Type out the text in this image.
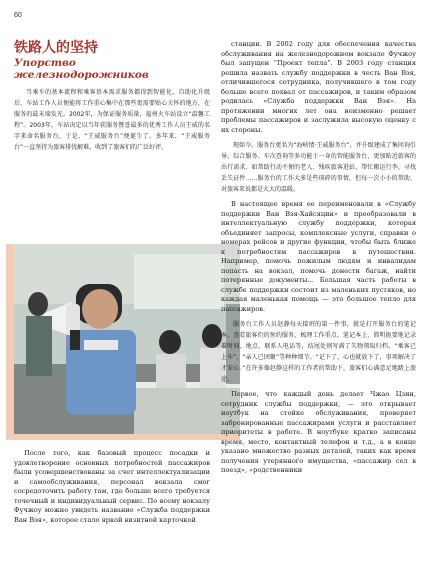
60
铁路人的坚持
Упорство железнодорожников

当乘车的基本流程和乘客基本需求服务都得到智能化、自助化升级后，车站工作人员便能将工作重心集中在那些更需要贴心关怀的地方，在服务的最末端发光。2002年，为保证服务质量，福州火车站设立“温馨工程”。2003年，车站决定以当年获服务赞誉最多的优秀工作人员王威的名字来命名服务台，于是，“王威服务台”便诞生了。多年来，“王威服务台”一直坚持为旅客排忧解难，收到了旅客们的广泛好评。

После того, как базовый процесс посадки и удовлетворение основных потребностей пассажиров были усовершенствованы за счет интеллектуализации и самообслуживания, персонал вокзала смог сосредоточить работу там, где больше всего требуется точечный и индивидуальный сервис. По всему вокзалу Фучжоу можно увидеть название «Служба поддержки Ван Вэя», которое стало яркой визитной карточкой

станции. В 2002 году для обеспечения качества обслуживания на железнодорожном вокзале Фучжоу был запущен “Проект тепла”. В 2003 году станция решила назвать службу поддержки в честь Ван Вэя, отличившегося сотрудника, получившего в том году больше всего похвал от пассажиров, и таким образом родилась «Служба поддержки Ван Вэя». На протяжении многих лет она неизменно решает проблемы пассажиров и заслужила высокую оценку с их стороны.

现如今，服务台更名为“海峡情·王威服务台”，并升级建成了集问询引导、综合服务、车次查询等多功能于一身的智能服务台，更加贴近旅客的出行需求，如帮助行动不便的老人、残疾旅客进站、帮忙搬运行李、寻找丢失证件……服务台的工作大多是些琐碎的事情，但每一次小小的帮助，对旅客来说都是大大的温暖。

В настоящее время ее переименовали в «Службу поддержки Ван Вэя-Хайсяцин» и преобразовали в интеллектуальную службу поддержки, которая объединяет запросы, комплексные услуги, справки о номерах рейсов и другие функции, чтобы быть ближе к потребностям пассажиров в путешествии. Например, помочь пожилым людям и инвалидам попасть на вокзал, помочь донести багаж, найти потерянные документы… Большая часть работы в службе поддержки состоит из маленьких пустяков, но каждая маленькая помощь — это большое тепло для пассажиров.

服务台工作人员赵静每天接班的第一件事，就是打开服务台的笔记本，查看旅客们的预约服务，梳理工作重点。笔记本上，简明扼要地记录着时间、地点、联系人电话等，结尾处则写满了失物领取归档、“乘客已上车”、“亲人已团聚”等种种细节。“记下了，心也就放下了，事项解决了才安心。”在许多像赵静这样的工作者的帮助下，旅客们心满意足地踏上旅途。

Первое, что каждый день делает Чжао Цзин, сотрудник службы поддержки, — это открывает ноутбук на стойке обслуживания, проверяет забронированные пассажирами услуги и расставляет приоритеты в работе. В ноутбуке кратко записаны время, место, контактный телефон и т.д., а в конце указано множество разных деталей, таких как время получения утерянного имущества, «пассажир сел в поезд», «родственники
